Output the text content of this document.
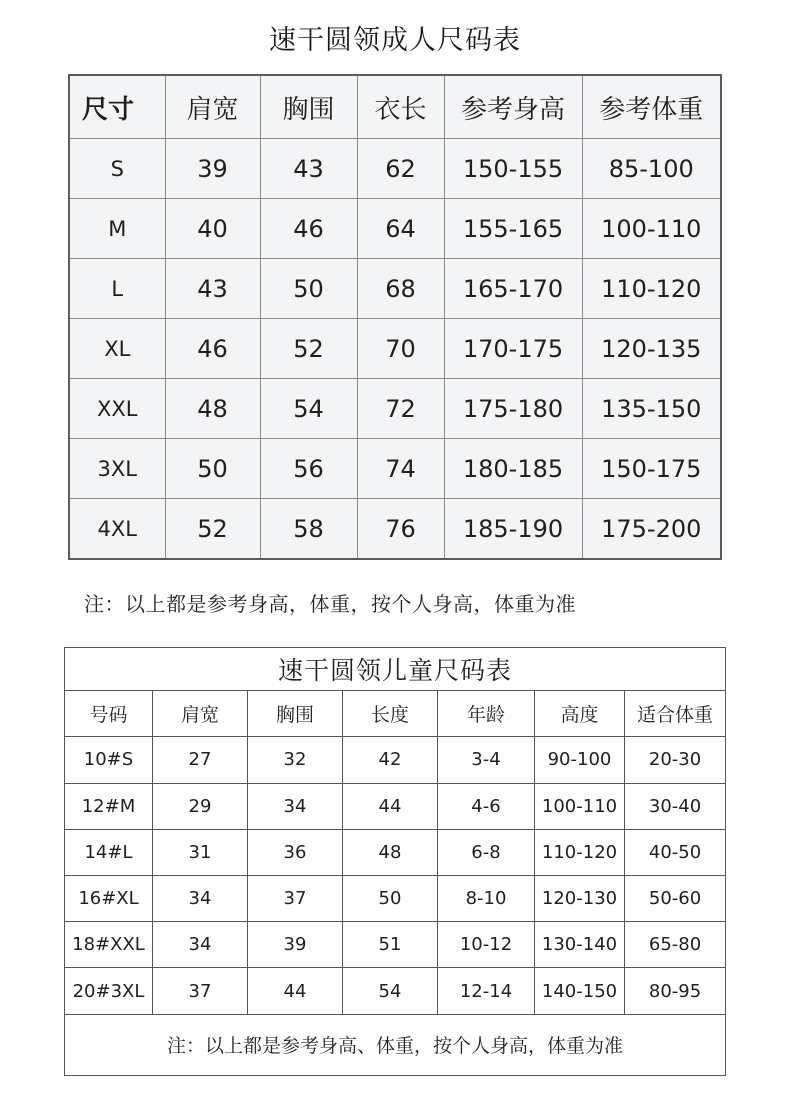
速干圆领成人尺码表
尺寸	肩宽	胸围	衣长	参考身高	参考体重
S	39	43	62	150-155	85-100
M	40	46	64	155-165	100-110
L	43	50	68	165-170	110-120
XL	46	52	70	170-175	120-135
XXL	48	54	72	175-180	135-150
3XL	50	56	74	180-185	150-175
4XL	52	58	76	185-190	175-200
注：以上都是参考身高，体重，按个人身高，体重为准
速干圆领儿童尺码表						
号码	肩宽	胸围	长度	年龄	高度	适合体重
10#S	27	32	42	3-4	90-100	20-30
12#M	29	34	44	4-6	100-110	30-40
14#L	31	36	48	6-8	110-120	40-50
16#XL	34	37	50	8-10	120-130	50-60
18#XXL	34	39	51	10-12	130-140	65-80
20#3XL	37	44	54	12-14	140-150	80-95
注：以上都是参考身高、体重，按个人身高，体重为准						
